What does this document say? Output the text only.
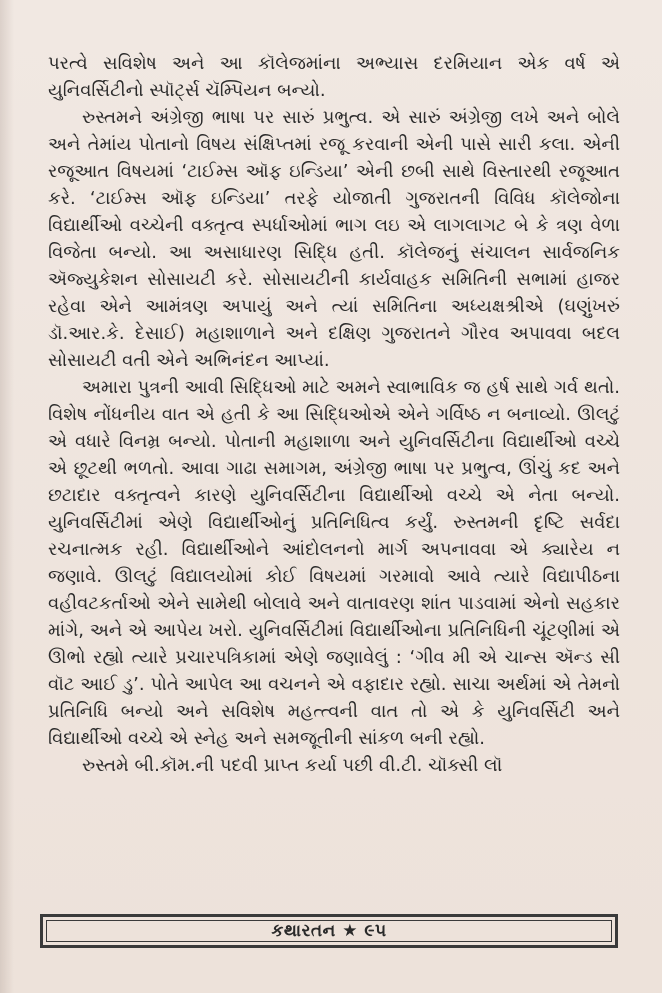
પરત્વે સવિશેષ અને આ કૉલેજમાંના અભ્યાસ દરમિયાન એક વર્ષ એ યુનિવર્સિટીનો સ્પૉર્ટ્સ ચૅમ્પિયન બન્યો.

રુસ્તમને અંગ્રેજી ભાષા પર સારું પ્રભુત્વ. એ સારું અંગ્રેજી લખે અને બોલે અને તેમાંય પોતાનો વિષય સંક્ષિપ્તમાં રજૂ કરવાની એની પાસે સારી કલા. એની રજૂઆત વિષયમાં ‘ટાઈમ્સ ઑફ ઇન્ડિયા’ એની છબી સાથે વિસ્તારથી રજૂઆત કરે. ‘ટાઈમ્સ ઑફ ઇન્ડિયા’ તરફે યોજાતી ગુજરાતની વિવિધ કૉલેજોના વિદ્યાર્થીઓ વચ્ચેની વક્તૃત્વ સ્પર્ધાઓમાં ભાગ લઇ એ લાગલાગટ બે કે ત્રણ વેળા વિજેતા બન્યો. આ અસાધારણ સિદ્ધિ હતી. કૉલેજનું સંચાલન સાર્વજનિક ઍજ્યુકેશન સોસાયટી કરે. સોસાયટીની કાર્યવાહક સમિતિની સભામાં હાજર રહેવા એને આમંત્રણ અપાયું અને ત્યાં સમિતિના અધ્યક્ષશ્રીએ (ઘણુંખરું ડૉ.આર.કે. દેસાઈ) મહાશાળાને અને દક્ષિણ ગુજરાતને ગૌરવ અપાવવા બદલ સોસાયટી વતી એને અભિનંદન આપ્યાં.

અમારા પુત્રની આવી સિદ્ધિઓ માટે અમને સ્વાભાવિક જ હર્ષ સાથે ગર્વ થતો. વિશેષ નોંધનીય વાત એ હતી કે આ સિદ્ધિઓએ એને ગર્વિષ્ઠ ન બનાવ્યો. ઊલટું એ વધારે વિનમ્ર બન્યો. પોતાની મહાશાળા અને યુનિવર્સિટીના વિદ્યાર્થીઓ વચ્ચે એ છૂટથી ભળતો. આવા ગાઢા સમાગમ, અંગ્રેજી ભાષા પર પ્રભુત્વ, ઊંચું કદ અને છટાદાર વક્તૃત્વને કારણે યુનિવર્સિટીના વિદ્યાર્થીઓ વચ્ચે એ નેતા બન્યો. યુનિવર્સિટીમાં એણે વિદ્યાર્થીઓનું પ્રતિનિધિત્વ કર્યું. રુસ્તમની દૃષ્ટિ સર્વદા રચનાત્મક રહી. વિદ્યાર્થીઓને આંદોલનનો માર્ગ અપનાવવા એ ક્યારેય ન જણાવે. ઊલટું વિદ્યાલયોમાં કોઈ વિષયમાં ગરમાવો આવે ત્યારે વિદ્યાપીઠના વહીવટકર્તાઓ એને સામેથી બોલાવે અને વાતાવરણ શાંત પાડવામાં એનો સહકાર માંગે, અને એ આપેય ખરો. યુનિવર્સિટીમાં વિદ્યાર્થીઓના પ્રતિનિધિની ચૂંટણીમાં એ ઊભો રહ્યો ત્યારે પ્રચારપત્રિકામાં એણે જણાવેલું : ‘ગીવ મી એ ચાન્સ ઍન્ડ સી વૉટ આઈ ડુ’. પોતે આપેલ આ વચનને એ વફાદાર રહ્યો. સાચા અર્થમાં એ તેમનો પ્રતિનિધિ બન્યો અને સવિશેષ મહત્ત્વની વાત તો એ કે યુનિવર્સિટી અને વિદ્યાર્થીઓ વચ્ચે એ સ્નેહ અને સમજૂતીની સાંકળ બની રહ્યો.

રુસ્તમે બી.કૉમ.ની પદવી પ્રાપ્ત કર્યા પછી વી.ટી. ચૉક્સી લૉ

કથારતન ★ ૯૫
